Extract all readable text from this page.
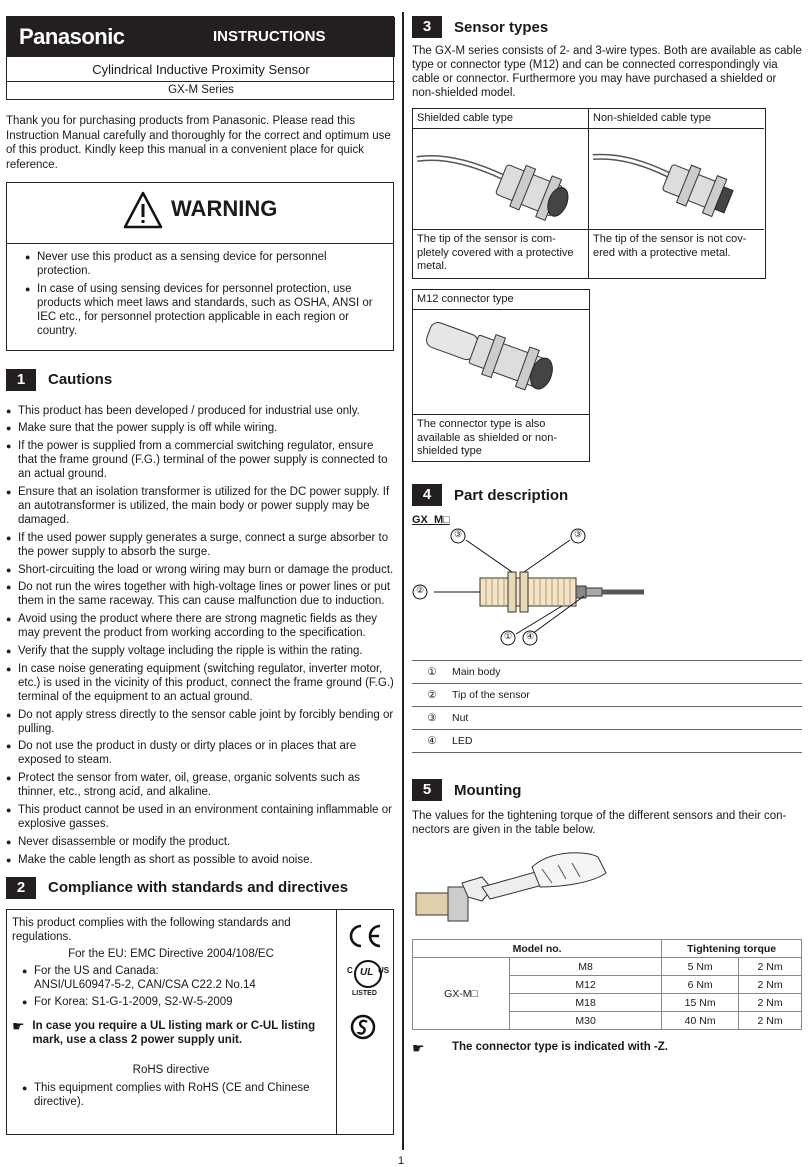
Panasonic	INSTRUCTIONS
Cylindrical Inductive Proximity Sensor
GX-M Series

Thank you for purchasing products from Panasonic. Please read this Instruction Manual carefully and thoroughly for the correct and optimum use of this product. Kindly keep this manual in a convenient place for quick reference.

WARNING
● Never use this product as a sensing device for personnel protection.
● In case of using sensing devices for personnel protection, use products which meet laws and standards, such as OSHA, ANSI or IEC etc., for personnel protection applicable in each region or country.
1	Cautions
● This product has been developed / produced for industrial use only.
● Make sure that the power supply is off while wiring.
● If the power is supplied from a commercial switching regulator, ensure that the frame ground (F.G.) terminal of the power supply is connected to an actual ground.
● Ensure that an isolation transformer is utilized for the DC power supply. If an autotransformer is utilized, the main body or power supply may be damaged.
● If the used power supply generates a surge, connect a surge absorber to the power supply to absorb the surge.
● Short-circuiting the load or wrong wiring may burn or damage the product.
● Do not run the wires together with high-voltage lines or power lines or put them in the same raceway. This can cause malfunction due to induction.
● Avoid using the product where there are strong magnetic fields as they may prevent the product from working according to the specification.
● Verify that the supply voltage including the ripple is within the rating.
● In case noise generating equipment (switching regulator, inverter motor, etc.) is used in the vicinity of this product, connect the frame ground (F.G.) terminal of the equipment to an actual ground.
● Do not apply stress directly to the sensor cable joint by forcibly bending or pulling.
● Do not use the product in dusty or dirty places or in places that are exposed to steam.
● Protect the sensor from water, oil, grease, organic solvents such as thinner, etc., strong acid, and alkaline.
● This product cannot be used in an environment containing inflammable or explosive gasses.
● Never disassemble or modify the product.
● Make the cable length as short as possible to avoid noise.
2	Compliance with standards and directives

This product complies with the following standards and regulations.

For the EU: EMC Directive 2004/108/EC

● For the US and Canada:
ANSI/UL60947-5-2, CAN/CSA C22.2 No.14
● For Korea: S1-G-1-2009, S2-W-5-2009
☛ In case you require a UL listing mark or C-UL listing mark, use a class 2 power supply unit.

RoHS directive

● This equipment complies with RoHS (CE and Chinese directive).
C UL US
LISTED
3	Sensor types

The GX-M series consists of 2- and 3-wire types. Both are available as cable type or connector type (M12) and can be connected correspondingly via cable or connector. Furthermore you may have purchased a shielded or non-shielded model.

Shielded cable type
The tip of the sensor is com-pletely covered with a protective metal.
Non-shielded cable type
The tip of the sensor is not cov-ered with a protective metal.
M12 connector type
The connector type is also available as shielded or non-shielded type
4	Part description
GX_M□
③	③
②
① ④
①	Main body
②	Tip of the sensor
③	Nut
④	LED
5	Mounting

The values for the tightening torque of the different sensors and their con-nectors are given in the table below.

Model no.		Tightening torque	
GX-M□	M8	5 Nm	2 Nm
	M12	6 Nm	2 Nm
	M18	15 Nm	2 Nm
	M30	40 Nm	2 Nm
☛	The connector type is indicated with -Z.
1
